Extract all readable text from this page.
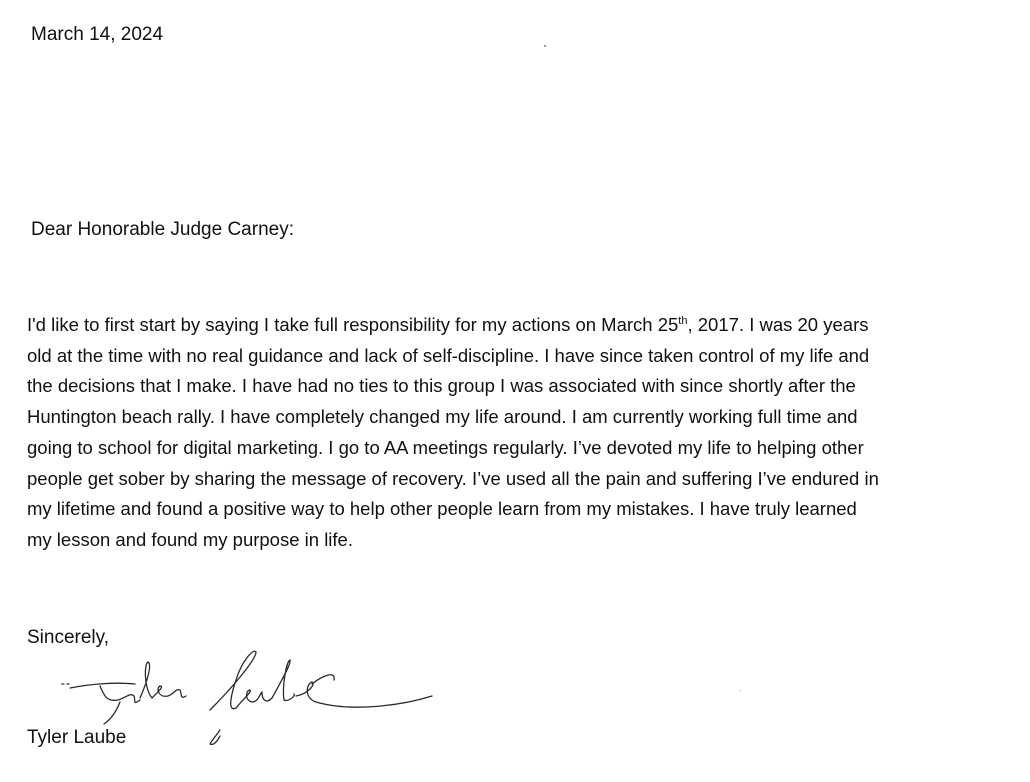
March 14, 2024
Dear Honorable Judge Carney:
I'd like to first start by saying I take full responsibility for my actions on March 25th, 2017. I was 20 years
old at the time with no real guidance and lack of self-discipline. I have since taken control of my life and
the decisions that I make. I have had no ties to this group I was associated with since shortly after the
Huntington beach rally. I have completely changed my life around. I am currently working full time and
going to school for digital marketing. I go to AA meetings regularly. I’ve devoted my life to helping other
people get sober by sharing the message of recovery. I’ve used all the pain and suffering I’ve endured in
my lifetime and found a positive way to help other people learn from my mistakes. I have truly learned
my lesson and found my purpose in life.
Sincerely,
Tyler Laube
